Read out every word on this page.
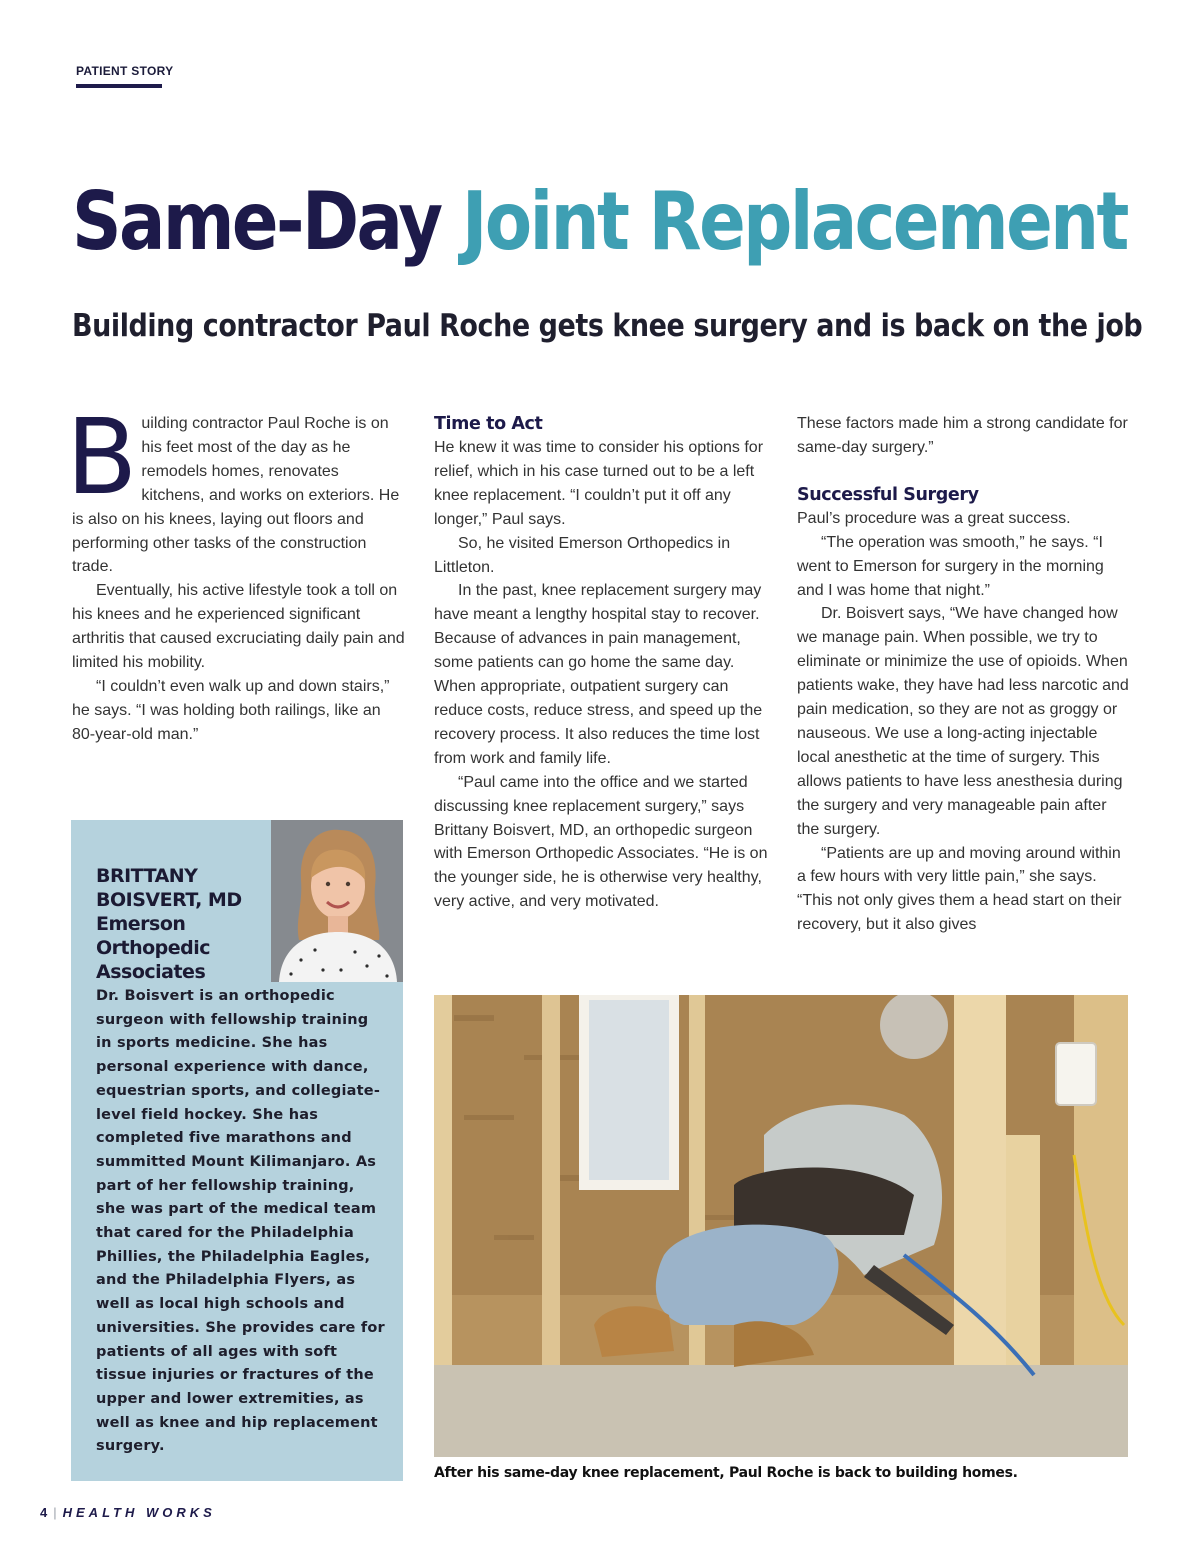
PATIENT STORY
Same-Day Joint Replacement
Building contractor Paul Roche gets knee surgery and is back on the job
B uilding contractor Paul Roche is on his feet most of the day as he remodels homes, renovates kitchens, and works on exteriors. He is also on his knees, laying out floors and performing other tasks of the construction trade.

Eventually, his active lifestyle took a toll on his knees and he experienced significant arthritis that caused excruciating daily pain and limited his mobility.

“I couldn’t even walk up and down stairs,” he says. “I was holding both railings, like an 80-year-old man.”

Time to Act

He knew it was time to consider his options for relief, which in his case turned out to be a left knee replacement. “I couldn’t put it off any longer,” Paul says.

So, he visited Emerson Orthopedics in Littleton.

In the past, knee replacement surgery may have meant a lengthy hospital stay to recover. Because of advances in pain management, some patients can go home the same day. When appropriate, outpatient surgery can reduce costs, reduce stress, and speed up the recovery process. It also reduces the time lost from work and family life.

“Paul came into the office and we started discussing knee replacement surgery,” says Brittany Boisvert, MD, an orthopedic surgeon with Emerson Orthopedic Associates. “He is on the younger side, he is otherwise very healthy, very active, and very motivated.

These factors made him a strong candidate for same-day surgery.”

Successful Surgery

Paul’s procedure was a great success.

“The operation was smooth,” he says. “I went to Emerson for surgery in the morning and I was home that night.”

Dr. Boisvert says, “We have changed how we manage pain. When possible, we try to eliminate or minimize the use of opioids. When patients wake, they have had less narcotic and pain medication, so they are not as groggy or nauseous. We use a long-acting injectable local anesthetic at the time of surgery. This allows patients to have less anesthesia during the surgery and very manageable pain after the surgery.

“Patients are up and moving around within a few hours with very little pain,” she says. “This not only gives them a head start on their recovery, but it also gives

BRITTANY
BOISVERT, MD
Emerson
Orthopedic
Associates
Dr. Boisvert is an orthopedic surgeon with fellowship training in sports medicine. She has personal experience with dance, equestrian sports, and collegiate-level field hockey. She has completed five marathons and summitted Mount Kilimanjaro. As part of her fellowship training, she was part of the medical team that cared for the Philadelphia Phillies, the Philadelphia Eagles, and the Philadelphia Flyers, as well as local high schools and universities. She provides care for patients of all ages with soft tissue injuries or fractures of the upper and lower extremities, as well as knee and hip replacement surgery.
After his same-day knee replacement, Paul Roche is back to building homes.
4 | HEALTH WORKS
